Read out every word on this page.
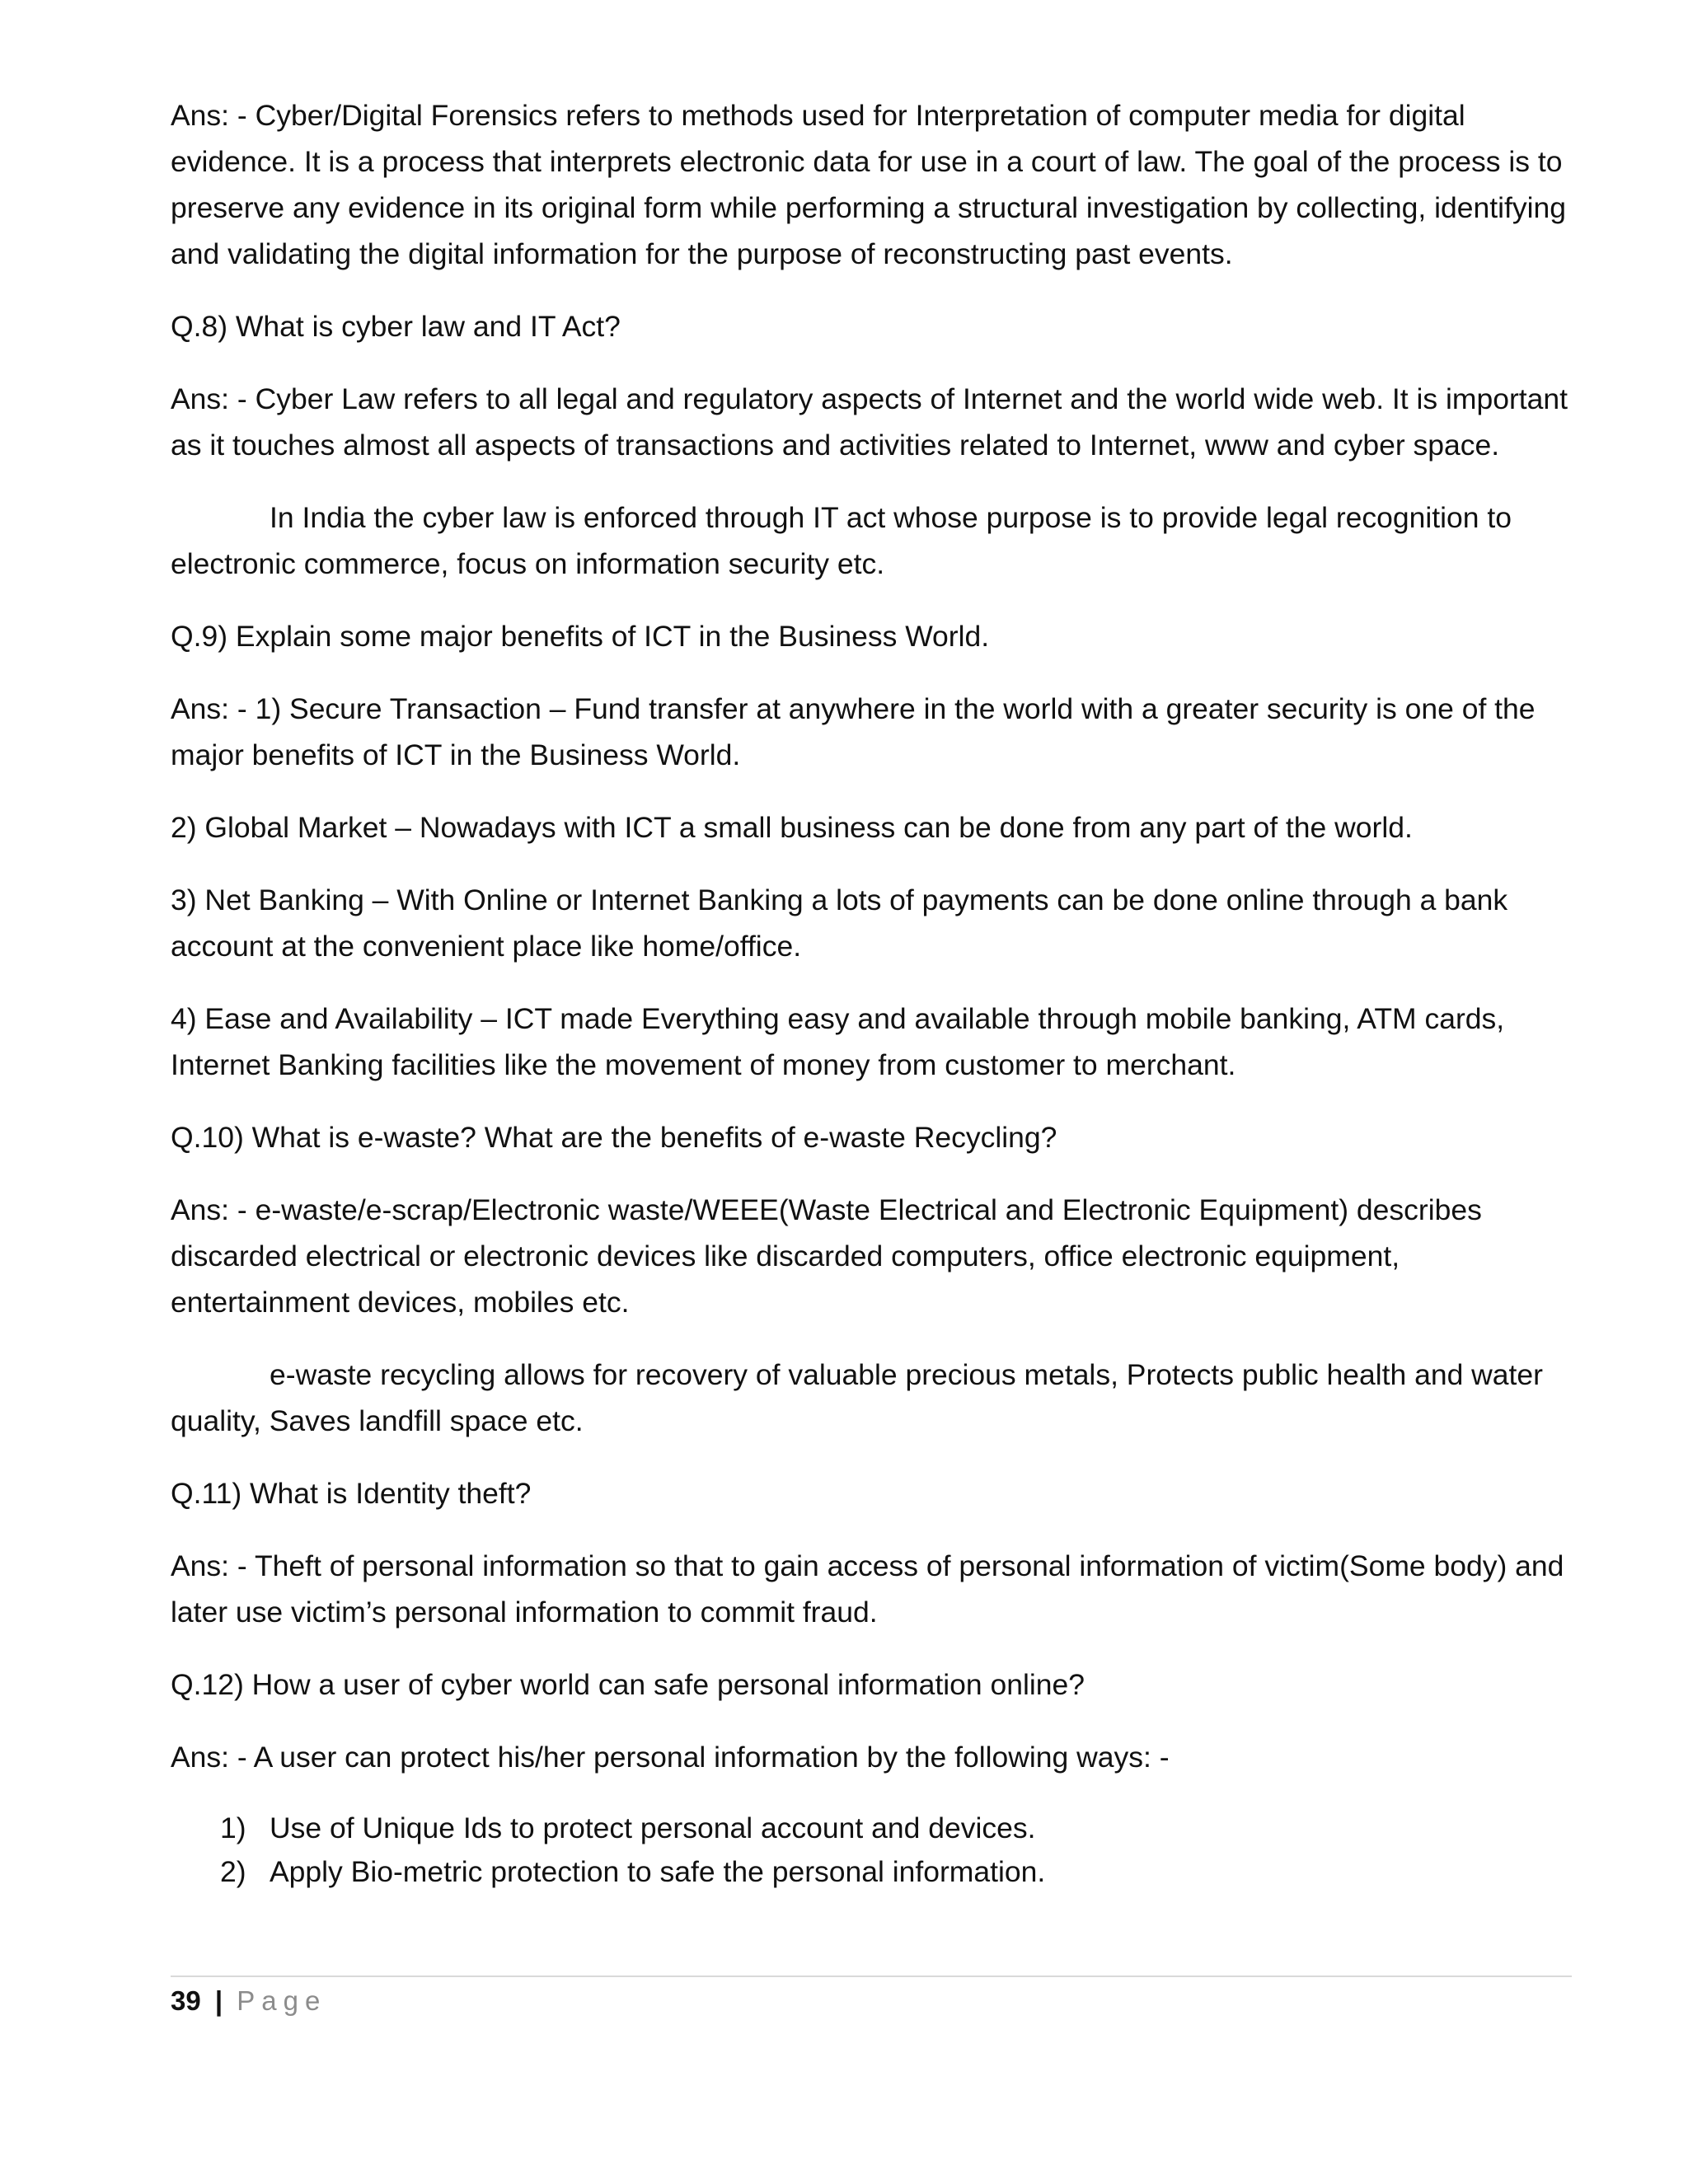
Ans: - Cyber/Digital Forensics refers to methods used for Interpretation of computer media for digital evidence. It is a process that interprets electronic data for use in a court of law. The goal of the process is to preserve any evidence in its original form while performing a structural investigation by collecting, identifying and validating the digital information for the purpose of reconstructing past events.

Q.8) What is cyber law and IT Act?

Ans: - Cyber Law refers to all legal and regulatory aspects of Internet and the world wide web. It is important as it touches almost all aspects of transactions and activities related to Internet, www and cyber space.

In India the cyber law is enforced through IT act whose purpose is to provide legal recognition to electronic commerce, focus on information security etc.

Q.9) Explain some major benefits of ICT in the Business World.

Ans: - 1) Secure Transaction – Fund transfer at anywhere in the world with a greater security is one of the major benefits of ICT in the Business World.

2) Global Market – Nowadays with ICT a small business can be done from any part of the world.

3) Net Banking – With Online or Internet Banking a lots of payments can be done online through a bank account at the convenient place like home/office.

4) Ease and Availability – ICT made Everything easy and available through mobile banking, ATM cards, Internet Banking facilities like the movement of money from customer to merchant.

Q.10) What is e-waste? What are the benefits of e-waste Recycling?

Ans: - e-waste/e-scrap/Electronic waste/WEEE(Waste Electrical and Electronic Equipment) describes discarded electrical or electronic devices like discarded computers, office electronic equipment, entertainment devices, mobiles etc.

e-waste recycling allows for recovery of valuable precious metals, Protects public health and water quality, Saves landfill space etc.

Q.11) What is Identity theft?

Ans: - Theft of personal information so that to gain access of personal information of victim(Some body) and later use victim’s personal information to commit fraud.

Q.12) How a user of cyber world can safe personal information online?

Ans: - A user can protect his/her personal information by the following ways: -

1) Use of Unique Ids to protect personal account and devices.
2) Apply Bio-metric protection to safe the personal information.
39 | Page
